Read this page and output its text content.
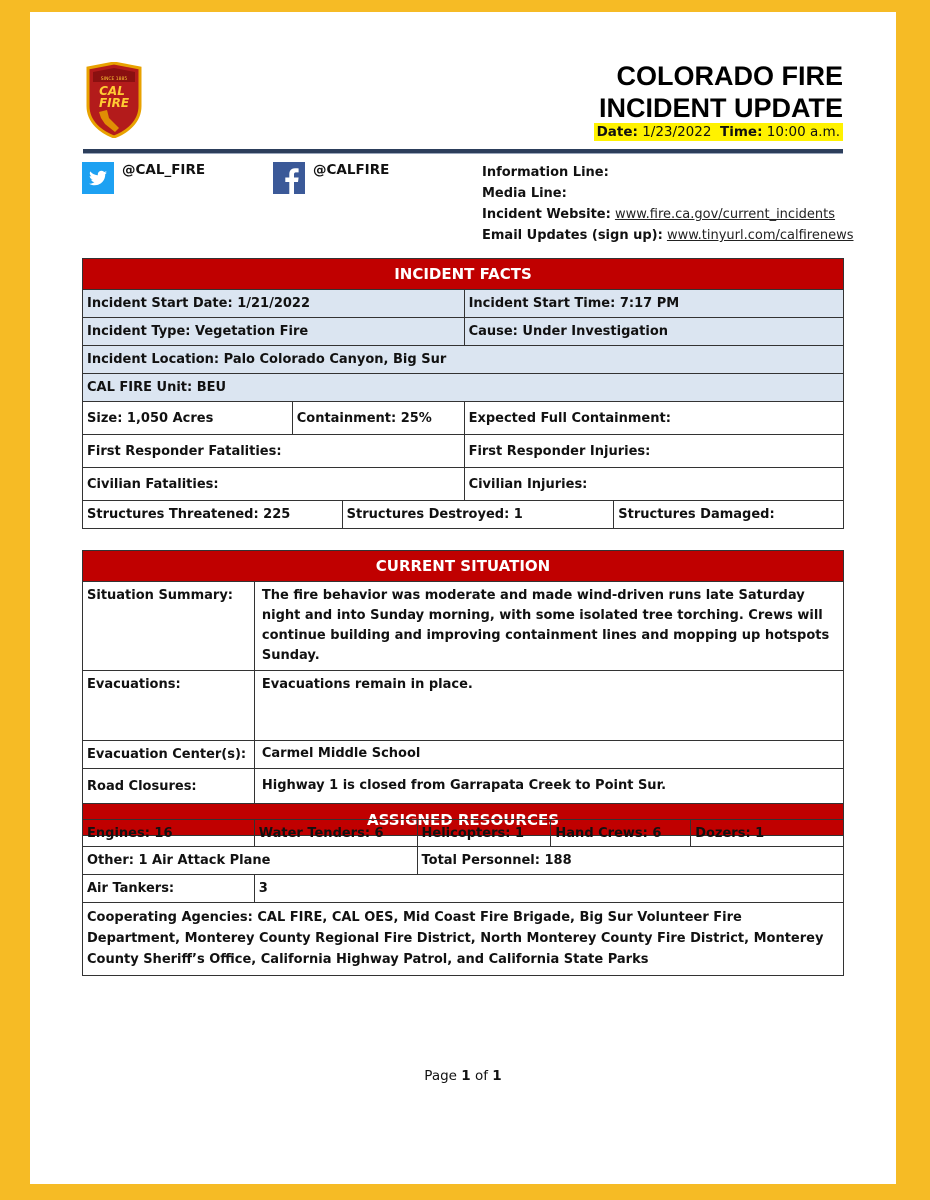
SINCE 1885
CAL
FIRE
COLORADO FIRE
INCIDENT UPDATE
Date: 1/23/2022 Time: 10:00 a.m.
@CAL_FIRE	@CALFIRE	Information Line:
Media Line:
Incident Website: www.fire.ca.gov/current_incidents
Email Updates (sign up): www.tinyurl.com/calfirenews
INCIDENT FACTS				
Incident Start Date: 1/21/2022			Incident Start Time: 7:17 PM	
Incident Type: Vegetation Fire			Cause: Under Investigation	
Incident Location: Palo Colorado Canyon, Big Sur				
CAL FIRE Unit: BEU				
Size: 1,050 Acres	Containment: 25%		Expected Full Containment:	
First Responder Fatalities:			First Responder Injuries:	
Civilian Fatalities:			Civilian Injuries:	
Structures Threatened: 225		Structures Destroyed: 1		Structures Damaged:
CURRENT SITUATION	
Situation Summary:	The fire behavior was moderate and made wind-driven runs late Saturday night and into Sunday morning, with some isolated tree torching. Crews will continue building and improving containment lines and mopping up hotspots Sunday.
Evacuations:	Evacuations remain in place.
Evacuation Center(s):	Carmel Middle School
Road Closures:	Highway 1 is closed from Garrapata Creek to Point Sur.
ASSIGNED RESOURCES	
Engines: 16	Water Tenders: 6	Helicopters: 1	Hand Crews: 6	Dozers: 1
Other: 1 Air Attack Plane		Total Personnel: 188		
Air Tankers:	3			
Cooperating Agencies: CAL FIRE, CAL OES, Mid Coast Fire Brigade, Big Sur Volunteer Fire Department, Monterey County Regional Fire District, North Monterey County Fire District, Monterey County Sheriff’s Office, California Highway Patrol, and California State Parks				
Page 1 of 1
